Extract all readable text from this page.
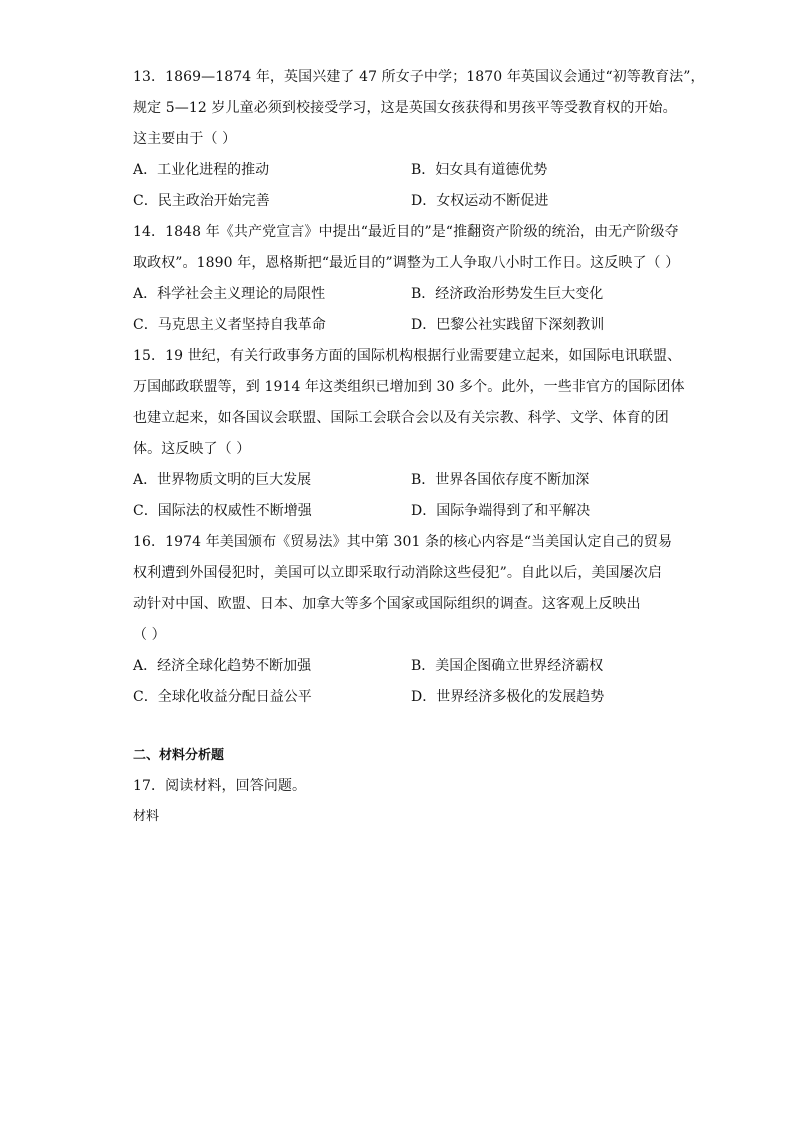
13．1869—1874 年，英国兴建了 47 所女子中学；1870 年英国议会通过“初等教育法”，
规定 5—12 岁儿童必须到校接受学习，这是英国女孩获得和男孩平等受教育权的开始。
这主要由于（ ）
A．工业化进程的推动	B．妇女具有道德优势
C．民主政治开始完善	D．女权运动不断促进
14．1848 年《共产党宣言》中提出“最近目的”是“推翻资产阶级的统治，由无产阶级夺
取政权”。1890 年，恩格斯把“最近目的”调整为工人争取八小时工作日。这反映了（ ）
A．科学社会主义理论的局限性	B．经济政治形势发生巨大变化
C．马克思主义者坚持自我革命	D．巴黎公社实践留下深刻教训
15．19 世纪，有关行政事务方面的国际机构根据行业需要建立起来，如国际电讯联盟、
万国邮政联盟等，到 1914 年这类组织已增加到 30 多个。此外，一些非官方的国际团体
也建立起来，如各国议会联盟、国际工会联合会以及有关宗教、科学、文学、体育的团
体。这反映了（ ）
A．世界物质文明的巨大发展	B．世界各国依存度不断加深
C．国际法的权威性不断增强	D．国际争端得到了和平解决
16．1974 年美国颁布《贸易法》其中第 301 条的核心内容是“当美国认定自己的贸易
权利遭到外国侵犯时，美国可以立即采取行动消除这些侵犯”。自此以后，美国屡次启
动针对中国、欧盟、日本、加拿大等多个国家或国际组织的调查。这客观上反映出
（ ）
A．经济全球化趋势不断加强	B．美国企图确立世界经济霸权
C．全球化收益分配日益公平	D．世界经济多极化的发展趋势
二、材料分析题
17．阅读材料，回答问题。
材料
